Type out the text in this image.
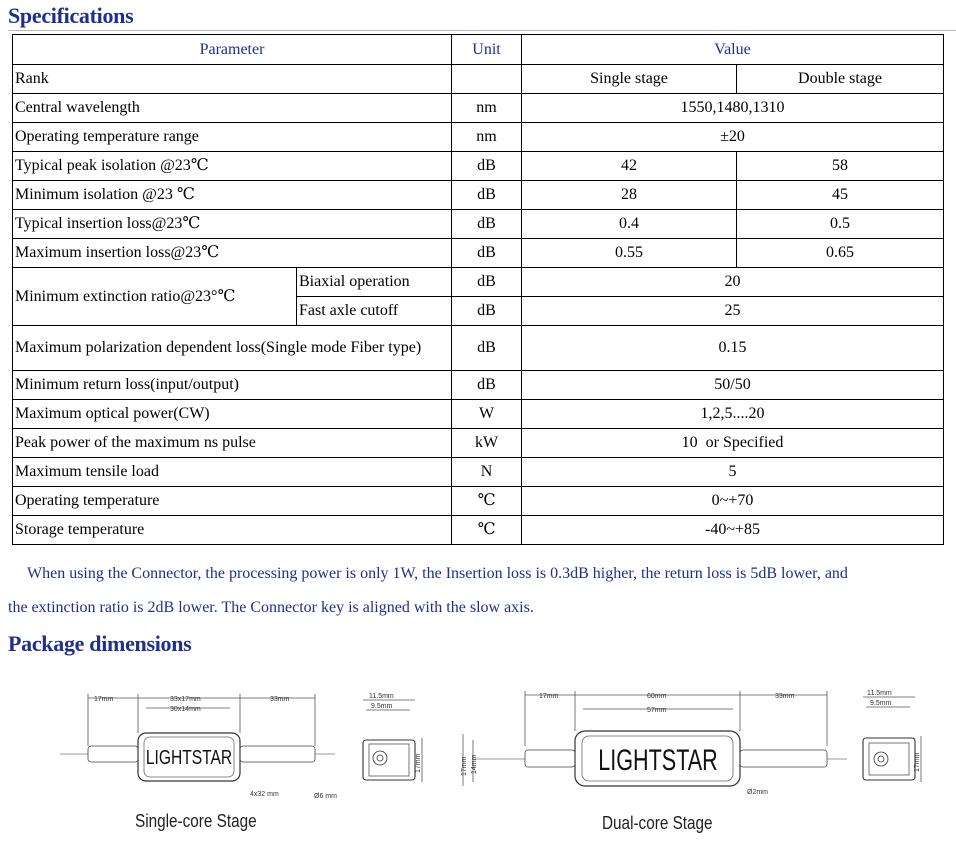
Specifications
Parameter		Unit	Value	
Rank			Single stage	Double stage
Central wavelength		nm	1550,1480,1310	
Operating temperature range		nm	±20	
Typical peak isolation @23℃		dB	42	58
Minimum isolation @23 ℃		dB	28	45
Typical insertion loss@23℃		dB	0.4	0.5
Maximum insertion loss@23℃		dB	0.55	0.65
Minimum extinction ratio@23°℃	Biaxial operation	dB	20	
	Fast axle cutoff	dB	25	
Maximum polarization dependent loss(Single mode Fiber type)		dB	0.15	
Minimum return loss(input/output)		dB	50/50	
Maximum optical power(CW)		W	1,2,5....20	
Peak power of the maximum ns pulse		kW	10  or Specified	
Maximum tensile load		N	5	
Operating temperature		℃	0~+70	
Storage temperature		℃	-40~+85	
When using the Connector, the processing power is only 1W, the Insertion loss is 0.3dB higher, the return loss is 5dB lower, and
the extinction ratio is 2dB lower. The Connector key is aligned with the slow axis.
Package dimensions
17mm	33x17mm
30x14mm
33mm	11.5mm
9.5mm
4x32 mm	Ø6 mm
17mm
LIGHTSTAR
Single-core Stage
17mm	60mm
57mm
33mm	11.5mm
9.5mm
17mm 14mm
Ø2mm
17mm
LIGHTSTAR
Dual-core Stage
